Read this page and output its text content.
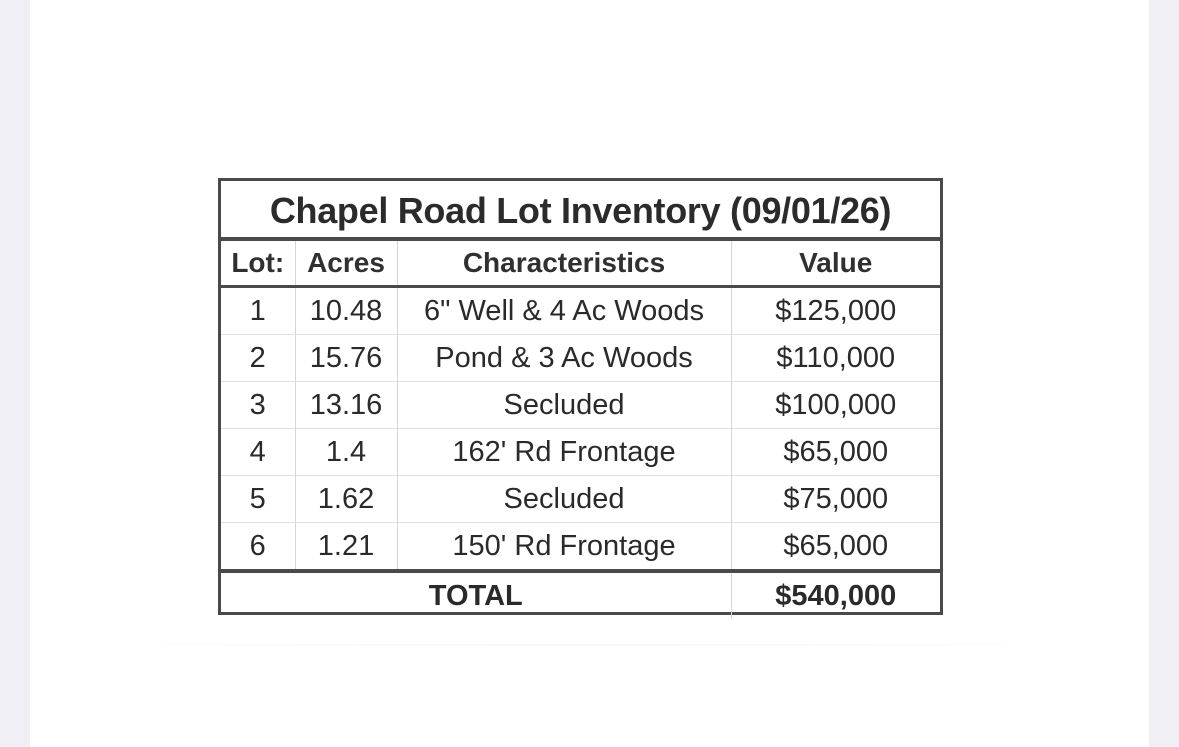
Chapel Road Lot Inventory (09/01/26)
Lot:	Acres	Characteristics	Value
1	10.48	6" Well & 4 Ac Woods	$125,000
2	15.76	Pond & 3 Ac Woods	$110,000
3	13.16	Secluded	$100,000
4	1.4	162' Rd Frontage	$65,000
5	1.62	Secluded	$75,000
6	1.21	150' Rd Frontage	$65,000
TOTAL			$540,000
